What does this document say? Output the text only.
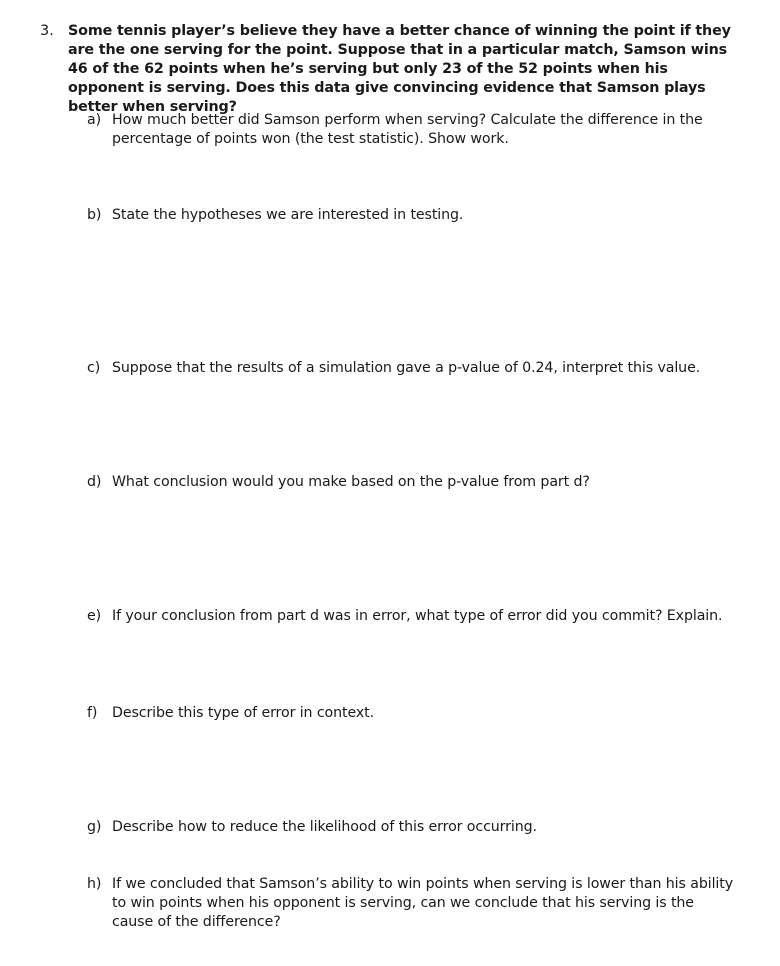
3. Some tennis player’s believe they have a better chance of winning the point if they are the one serving for the point. Suppose that in a particular match, Samson wins 46 of the 62 points when he’s serving but only 23 of the 52 points when his opponent is serving. Does this data give convincing evidence that Samson plays better when serving?
a) How much better did Samson perform when serving? Calculate the difference in the percentage of points won (the test statistic). Show work.
b) State the hypotheses we are interested in testing.
c) Suppose that the results of a simulation gave a p-value of 0.24, interpret this value.
d) What conclusion would you make based on the p-value from part d?
e) If your conclusion from part d was in error, what type of error did you commit? Explain.
f)	Describe this type of error in context.
g) Describe how to reduce the likelihood of this error occurring.
h) If we concluded that Samson’s ability to win points when serving is lower than his ability to win points when his opponent is serving, can we conclude that his serving is the cause of the difference?
